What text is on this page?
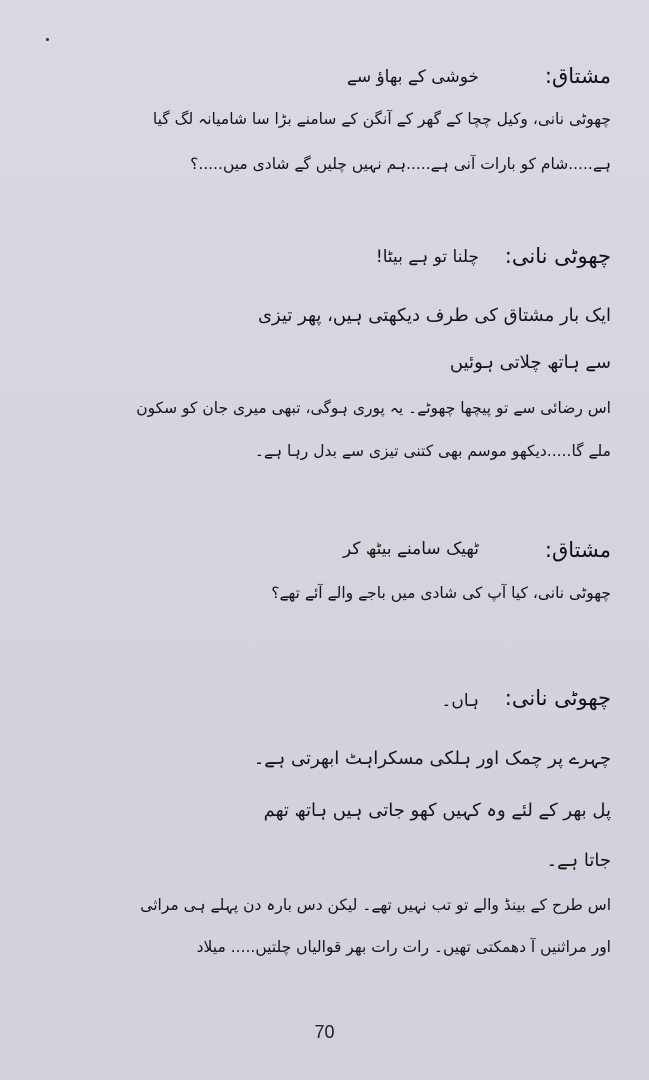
مشتاق:
خوشی کے بھاؤ سے
چھوٹی نانی، وکیل چچا کے گھر کے آنگن کے سامنے بڑا سا شامیانہ لگ گیا
ہے.....شام کو بارات آنی ہے.....ہم نہیں چلیں گے شادی میں.....؟
چھوٹی نانی:
چلنا تو ہے بیٹا!
ایک بار مشتاق کی طرف دیکھتی ہیں، پھر تیزی
سے ہاتھ چلاتی ہوئیں
اس رضائی سے تو پیچھا چھوٹے۔ یہ پوری ہوگی، تبھی میری جان کو سکون
ملے گا.....دیکھو موسم بھی کتنی تیزی سے بدل رہا ہے۔
مشتاق:
ٹھیک سامنے بیٹھ کر
چھوٹی نانی، کیا آپ کی شادی میں باجے والے آئے تھے؟
چھوٹی نانی:
ہاں۔
چہرے پر چمک اور ہلکی مسکراہٹ ابھرتی ہے۔
پل بھر کے لئے وہ کہیں کھو جاتی ہیں ہاتھ تھم
جاتا ہے۔
اس طرح کے بینڈ والے تو تب نہیں تھے۔ لیکن دس بارہ دن پہلے ہی مراثی
اور مراثنیں آ دھمکتی تھیں۔ رات رات بھر قوالیاں چلتیں..... میلاد
70
